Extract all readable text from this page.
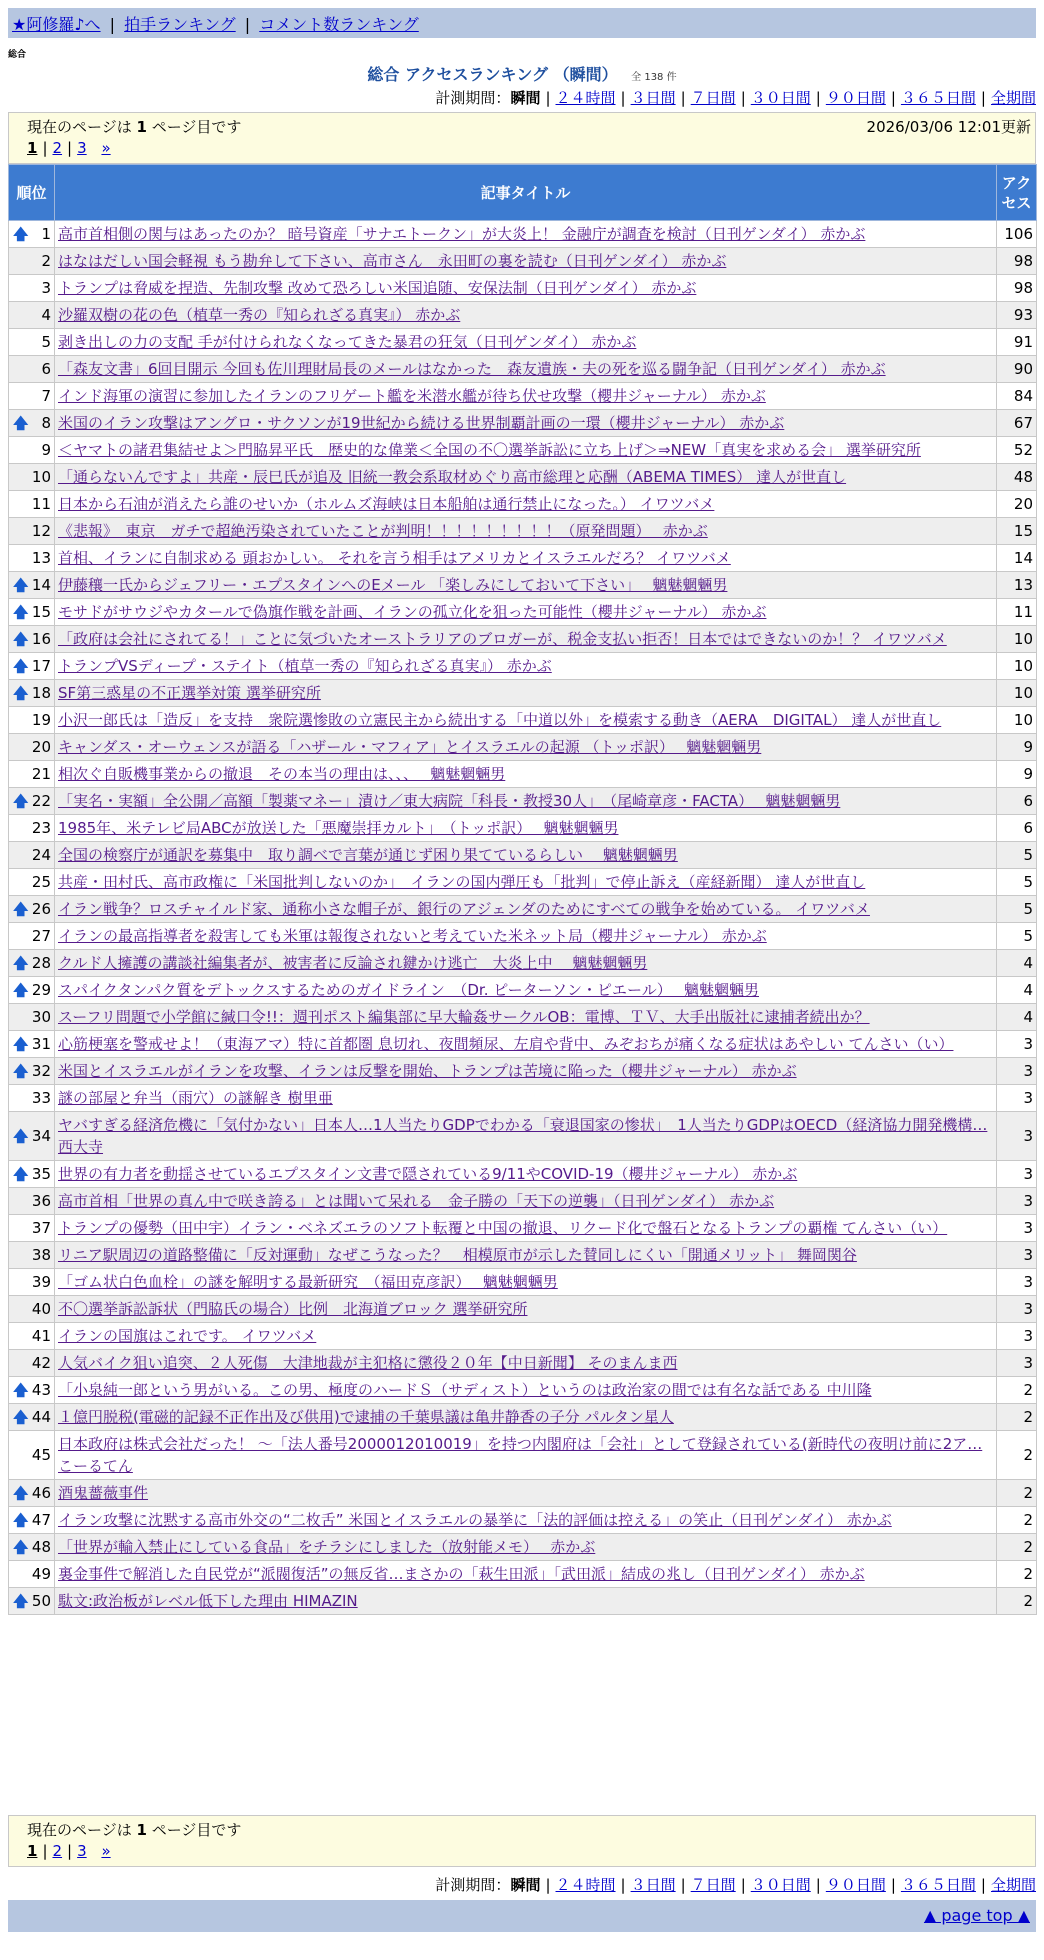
★阿修羅♪へ | 拍手ランキング | コメント数ランキング
総合
総合 アクセスランキング （瞬間） 全 138 件
計測期間：瞬間 | ２４時間 | ３日間 | ７日間 | ３０日間 | ９０日間 | ３６５日間 | 全期間
現在のページは 1 ページ目です	2026/03/06 12:01更新
1 | 2 | 3 »
順位	記事タイトル	アクセス

🡅 1	高市首相側の関与はあったのか？ 暗号資産「サナエトークン」が大炎上！ 金融庁が調査を検討（日刊ゲンダイ） 赤かぶ	106
2	はなはだしい国会軽視 もう勘弁して下さい、高市さん　永田町の裏を読む（日刊ゲンダイ） 赤かぶ	98
3	トランプは脅威を捏造、先制攻撃 改めて恐ろしい米国追随、安保法制（日刊ゲンダイ） 赤かぶ	98
4	沙羅双樹の花の色（植草一秀の『知られざる真実』） 赤かぶ	93
5	剥き出しの力の支配 手が付けられなくなってきた暴君の狂気（日刊ゲンダイ） 赤かぶ	91
6	「森友文書」6回目開示 今回も佐川理財局長のメールはなかった　森友遺族・夫の死を巡る闘争記（日刊ゲンダイ） 赤かぶ	90
7	インド海軍の演習に参加したイランのフリゲート艦を米潜水艦が待ち伏せ攻撃（櫻井ジャーナル） 赤かぶ	84

🡅 8	米国のイラン攻撃はアングロ・サクソンが19世紀から続ける世界制覇計画の一環（櫻井ジャーナル） 赤かぶ	67
9	＜ヤマトの諸君集結せよ＞門脇昇平氏　歴史的な偉業＜全国の不〇選挙訴訟に立ち上げ＞⇒NEW「真実を求める会」 選挙研究所	52
10	「通らないんですよ」共産・辰巳氏が追及 旧統一教会系取材めぐり高市総理と応酬（ABEMA TIMES） 達人が世直し	48
11	日本から石油が消えたら誰のせいか（ホルムズ海峡は日本船舶は通行禁止になった。） イワツバメ	20
12	《悲報》　東京　ガチで超絶汚染されていたことが判明！！！！！！！！！（原発問題）　 赤かぶ	15
13	首相、イランに自制求める 頭おかしい。 それを言う相手はアメリカとイスラエルだろ？ イワツバメ	14

🡅 14	伊藤穰一氏からジェフリー・エプスタインへのEメール 「楽しみにしておいて下さい」　 魑魅魍魎男	13

🡅 15	モサドがサウジやカタールで偽旗作戦を計画、イランの孤立化を狙った可能性（櫻井ジャーナル） 赤かぶ	11

🡅 16	「政府は会社にされてる！」ことに気づいたオーストラリアのブロガーが、税金支払い拒否！日本ではできないのか！？ イワツバメ	10

🡅 17	トランプVSディープ・ステイト（植草一秀の『知られざる真実』） 赤かぶ	10

🡅 18	SF第三惑星の不正選挙対策 選挙研究所	10
19	小沢一郎氏は「造反」を支持　衆院選惨敗の立憲民主から続出する「中道以外」を模索する動き（AERA　DIGITAL） 達人が世直し	10
20	キャンダス・オーウェンスが語る「ハザール・マフィア」とイスラエルの起源 （トッポ訳）　 魑魅魍魎男	9
21	相次ぐ自販機事業からの撤退　その本当の理由は、、、　 魑魅魍魎男	9

🡅 22	「実名・実額」全公開／高額「製薬マネー」漬け／東大病院「科長・教授30人」　（尾崎章彦・FACTA）　 魑魅魍魎男	6
23	1985年、米テレビ局ABCが放送した「悪魔崇拝カルト」　（トッポ訳）　 魑魅魍魎男	6
24	全国の検察庁が通訳を募集中　取り調べで言葉が通じず困り果てているらしい　 魑魅魍魎男	5
25	共産・田村氏、高市政権に「米国批判しないのか」　イランの国内弾圧も「批判」で停止訴え（産経新聞） 達人が世直し	5

🡅 26	イラン戦争？ロスチャイルド家、通称小さな帽子が、銀行のアジェンダのためにすべての戦争を始めている。 イワツバメ	5
27	イランの最高指導者を殺害しても米軍は報復されないと考えていた米ネット局（櫻井ジャーナル） 赤かぶ	5

🡅 28	クルド人擁護の講談社編集者が、被害者に反論され鍵かけ逃亡　大炎上中　 魑魅魍魎男	4

🡅 29	スパイクタンパク質をデトックスするためのガイドライン　（Dr. ピーターソン・ピエール）　 魑魅魍魎男	4
30	スーフリ問題で小学館に緘口令!!：週刊ポスト編集部に早大輪姦サークルOB：電博、ＴＶ、大手出版社に逮捕者続出か？	4

🡅 31	心筋梗塞を警戒せよ！（東海アマ）特に首都圏 息切れ、夜間頻尿、左肩や背中、みぞおちが痛くなる症状はあやしい てんさい（い）	3

🡅 32	米国とイスラエルがイランを攻撃、イランは反撃を開始、トランプは苦境に陥った（櫻井ジャーナル） 赤かぶ	3
33	謎の部屋と弁当（雨穴）の謎解き 樹里亜	3

🡅 34	ヤバすぎる経済危機に「気付かない」日本人…1人当たりGDPでわかる「衰退国家の惨状」　1人当たりGDPはOECD（経済協力開発機構… 西大寺	3

🡅 35	世界の有力者を動揺させているエプスタイン文書で隠されている9/11やCOVID-19（櫻井ジャーナル） 赤かぶ	3
36	高市首相「世界の真ん中で咲き誇る」とは聞いて呆れる　金子勝の「天下の逆襲」（日刊ゲンダイ） 赤かぶ	3
37	トランプの優勢（田中宇）イラン・ベネズエラのソフト転覆と中国の撤退、リクード化で盤石となるトランプの覇権 てんさい（い）	3
38	リニア駅周辺の道路整備に「反対運動」なぜこうなった？　相模原市が示した賛同しにくい「開通メリット」 舞岡関谷	3
39	「ゴム状白色血栓」の謎を解明する最新研究　（福田克彦訳）　 魑魅魍魎男	3
40	不〇選挙訴訟訴状（門脇氏の場合）比例　北海道ブロック 選挙研究所	3
41	イランの国旗はこれです。 イワツバメ	3
42	人気バイク狙い追突、２人死傷　大津地裁が主犯格に懲役２０年【中日新聞】 そのまんま西	3

🡅 43	「小泉純一郎という男がいる。この男、極度のハードＳ（サディスト）というのは政治家の間では有名な話である 中川隆	2

🡅 44	１億円脱税(電磁的記録不正作出及び供用)で逮捕の千葉県議は亀井静香の子分 パルタン星人	2
45	日本政府は株式会社だった！ ～「法人番号2000012010019」を持つ内閣府は「会社」として登録されている(新時代の夜明け前に2ア… こーるてん	2

🡅 46	酒鬼薔薇事件	2

🡅 47	イラン攻撃に沈黙する高市外交の“二枚舌” 米国とイスラエルの暴挙に「法的評価は控える」の笑止（日刊ゲンダイ） 赤かぶ	2

🡅 48	「世界が輸入禁止にしている食品」をチラシにしました（放射能メモ）　 赤かぶ	2
49	裏金事件で解消した自民党が“派閥復活”の無反省…まさかの「萩生田派」「武田派」結成の兆し（日刊ゲンダイ） 赤かぶ	2

🡅 50	駄文:政治板がレベル低下した理由 HIMAZIN	2
現在のページは 1 ページ目です
1 | 2 | 3 »
計測期間：瞬間 | ２４時間 | ３日間 | ７日間 | ３０日間 | ９０日間 | ３６５日間 | 全期間
▲ page top ▲
